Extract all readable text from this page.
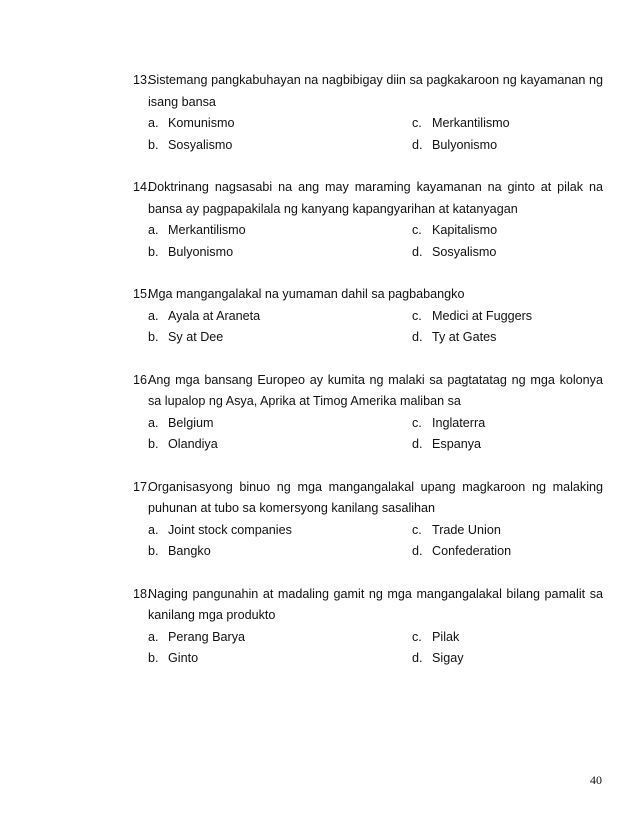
13.
Sistemang pangkabuhayan na nagbibigay diin sa pagkakaroon ng kayamanan ng isang bansa
a. Komunismo	c. Merkantilismo
b. Sosyalismo	d. Bulyonismo
14.
Doktrinang nagsasabi na ang may maraming kayamanan na ginto at pilak na bansa ay pagpapakilala ng kanyang kapangyarihan at katanyagan
a. Merkantilismo	c. Kapitalismo
b. Bulyonismo	d. Sosyalismo
15.
Mga mangangalakal na yumaman dahil sa pagbabangko
a. Ayala at Araneta	c. Medici at Fuggers
b. Sy at Dee	d. Ty at Gates
16.
Ang mga bansang Europeo ay kumita ng malaki sa pagtatatag ng mga kolonya sa lupalop ng Asya, Aprika at Timog Amerika maliban sa
a. Belgium	c. Inglaterra
b. Olandiya	d. Espanya
17.
Organisasyong binuo ng mga mangangalakal upang magkaroon ng malaking puhunan at tubo sa komersyong kanilang sasalihan
a. Joint stock companies	c. Trade Union
b. Bangko	d. Confederation
18.
Naging pangunahin at madaling gamit ng mga mangangalakal bilang pamalit sa kanilang mga produkto
a. Perang Barya	c. Pilak
b. Ginto	d. Sigay
40
